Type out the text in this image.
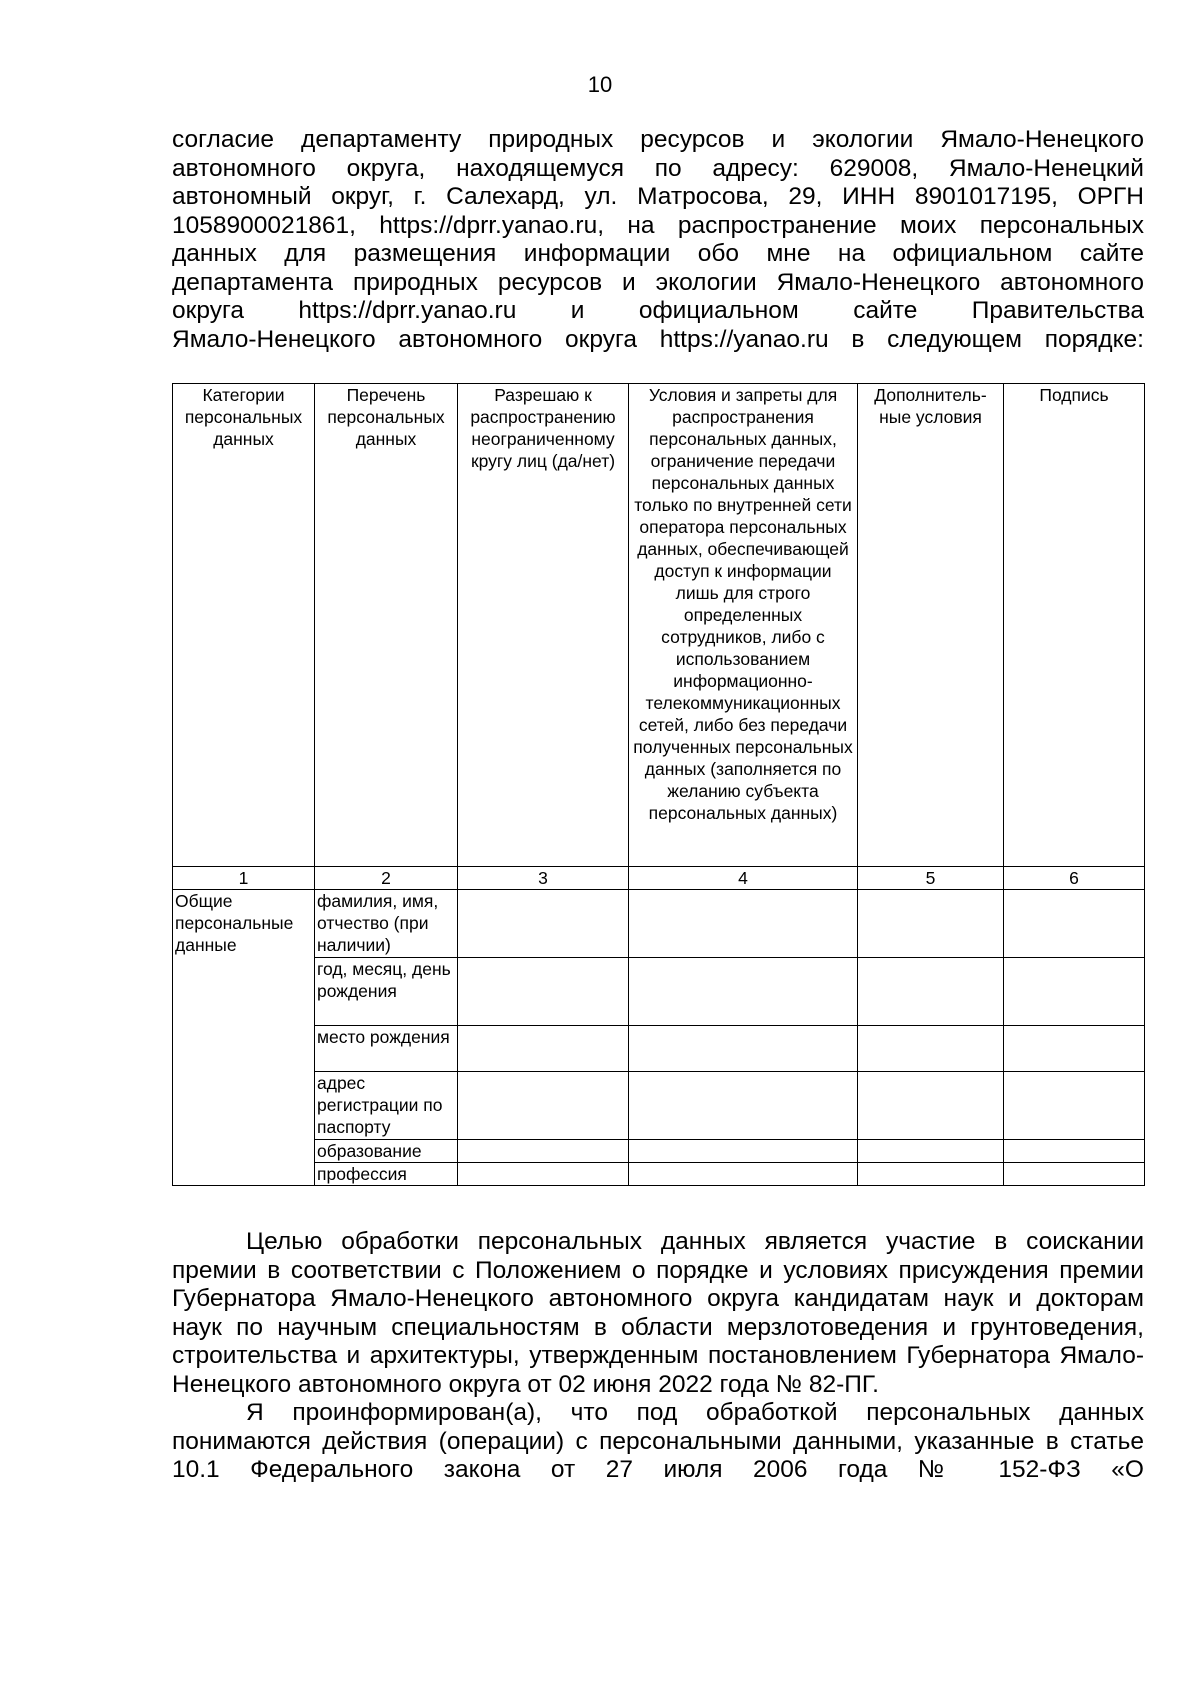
10
согласие департаменту природных ресурсов и экологии Ямало-Ненецкого
автономного округа, находящемуся по адресу: 629008, Ямало-Ненецкий
автономный округ, г. Салехард, ул. Матросова, 29, ИНН 8901017195, ОРГН
1058900021861, https://dprr.yanao.ru, на распространение моих персональных
данных для размещения информации обо мне на официальном сайте
департамента природных ресурсов и экологии Ямало-Ненецкого автономного
округа https://dprr.yanao.ru и официальном сайте Правительства
Ямало-Ненецкого автономного округа https://yanao.ru в следующем порядке:
Категории персональных данных	Перечень персональных данных	Разрешаю к распространению неограниченному кругу лиц (да/нет)	Условия и запреты для распространения персональных данных, ограничение передачи персональных данных только по внутренней сети оператора персональных данных, обеспечивающей доступ к информации лишь для строго определенных сотрудников, либо с использованием информационно-телекоммуникационных сетей, либо без передачи полученных персональных данных (заполняется по желанию субъекта персональных данных)	Дополнитель-ные условия	Подпись
1	2	3	4	5	6
Общие персональные данные	фамилия, имя, отчество (при наличии)				
	год, месяц, день рождения				
	место рождения				
	адрес регистрации по паспорту				
	образование				
	профессия				
Целью обработки персональных данных является участие в соискании премии в соответствии с Положением о порядке и условиях присуждения премии Губернатора Ямало-Ненецкого автономного округа кандидатам наук и докторам наук по научным специальностям в области мерзлотоведения и грунтоведения, строительства и архитектуры, утвержденным постановлением Губернатора Ямало-Ненецкого автономного округа от 02 июня 2022 года № 82-ПГ.
Я проинформирован(а), что под обработкой персональных данных понимаются действия (операции) с персональными данными, указанные в статье 10.1 Федерального закона от 27 июля 2006 года № 152-ФЗ «О
